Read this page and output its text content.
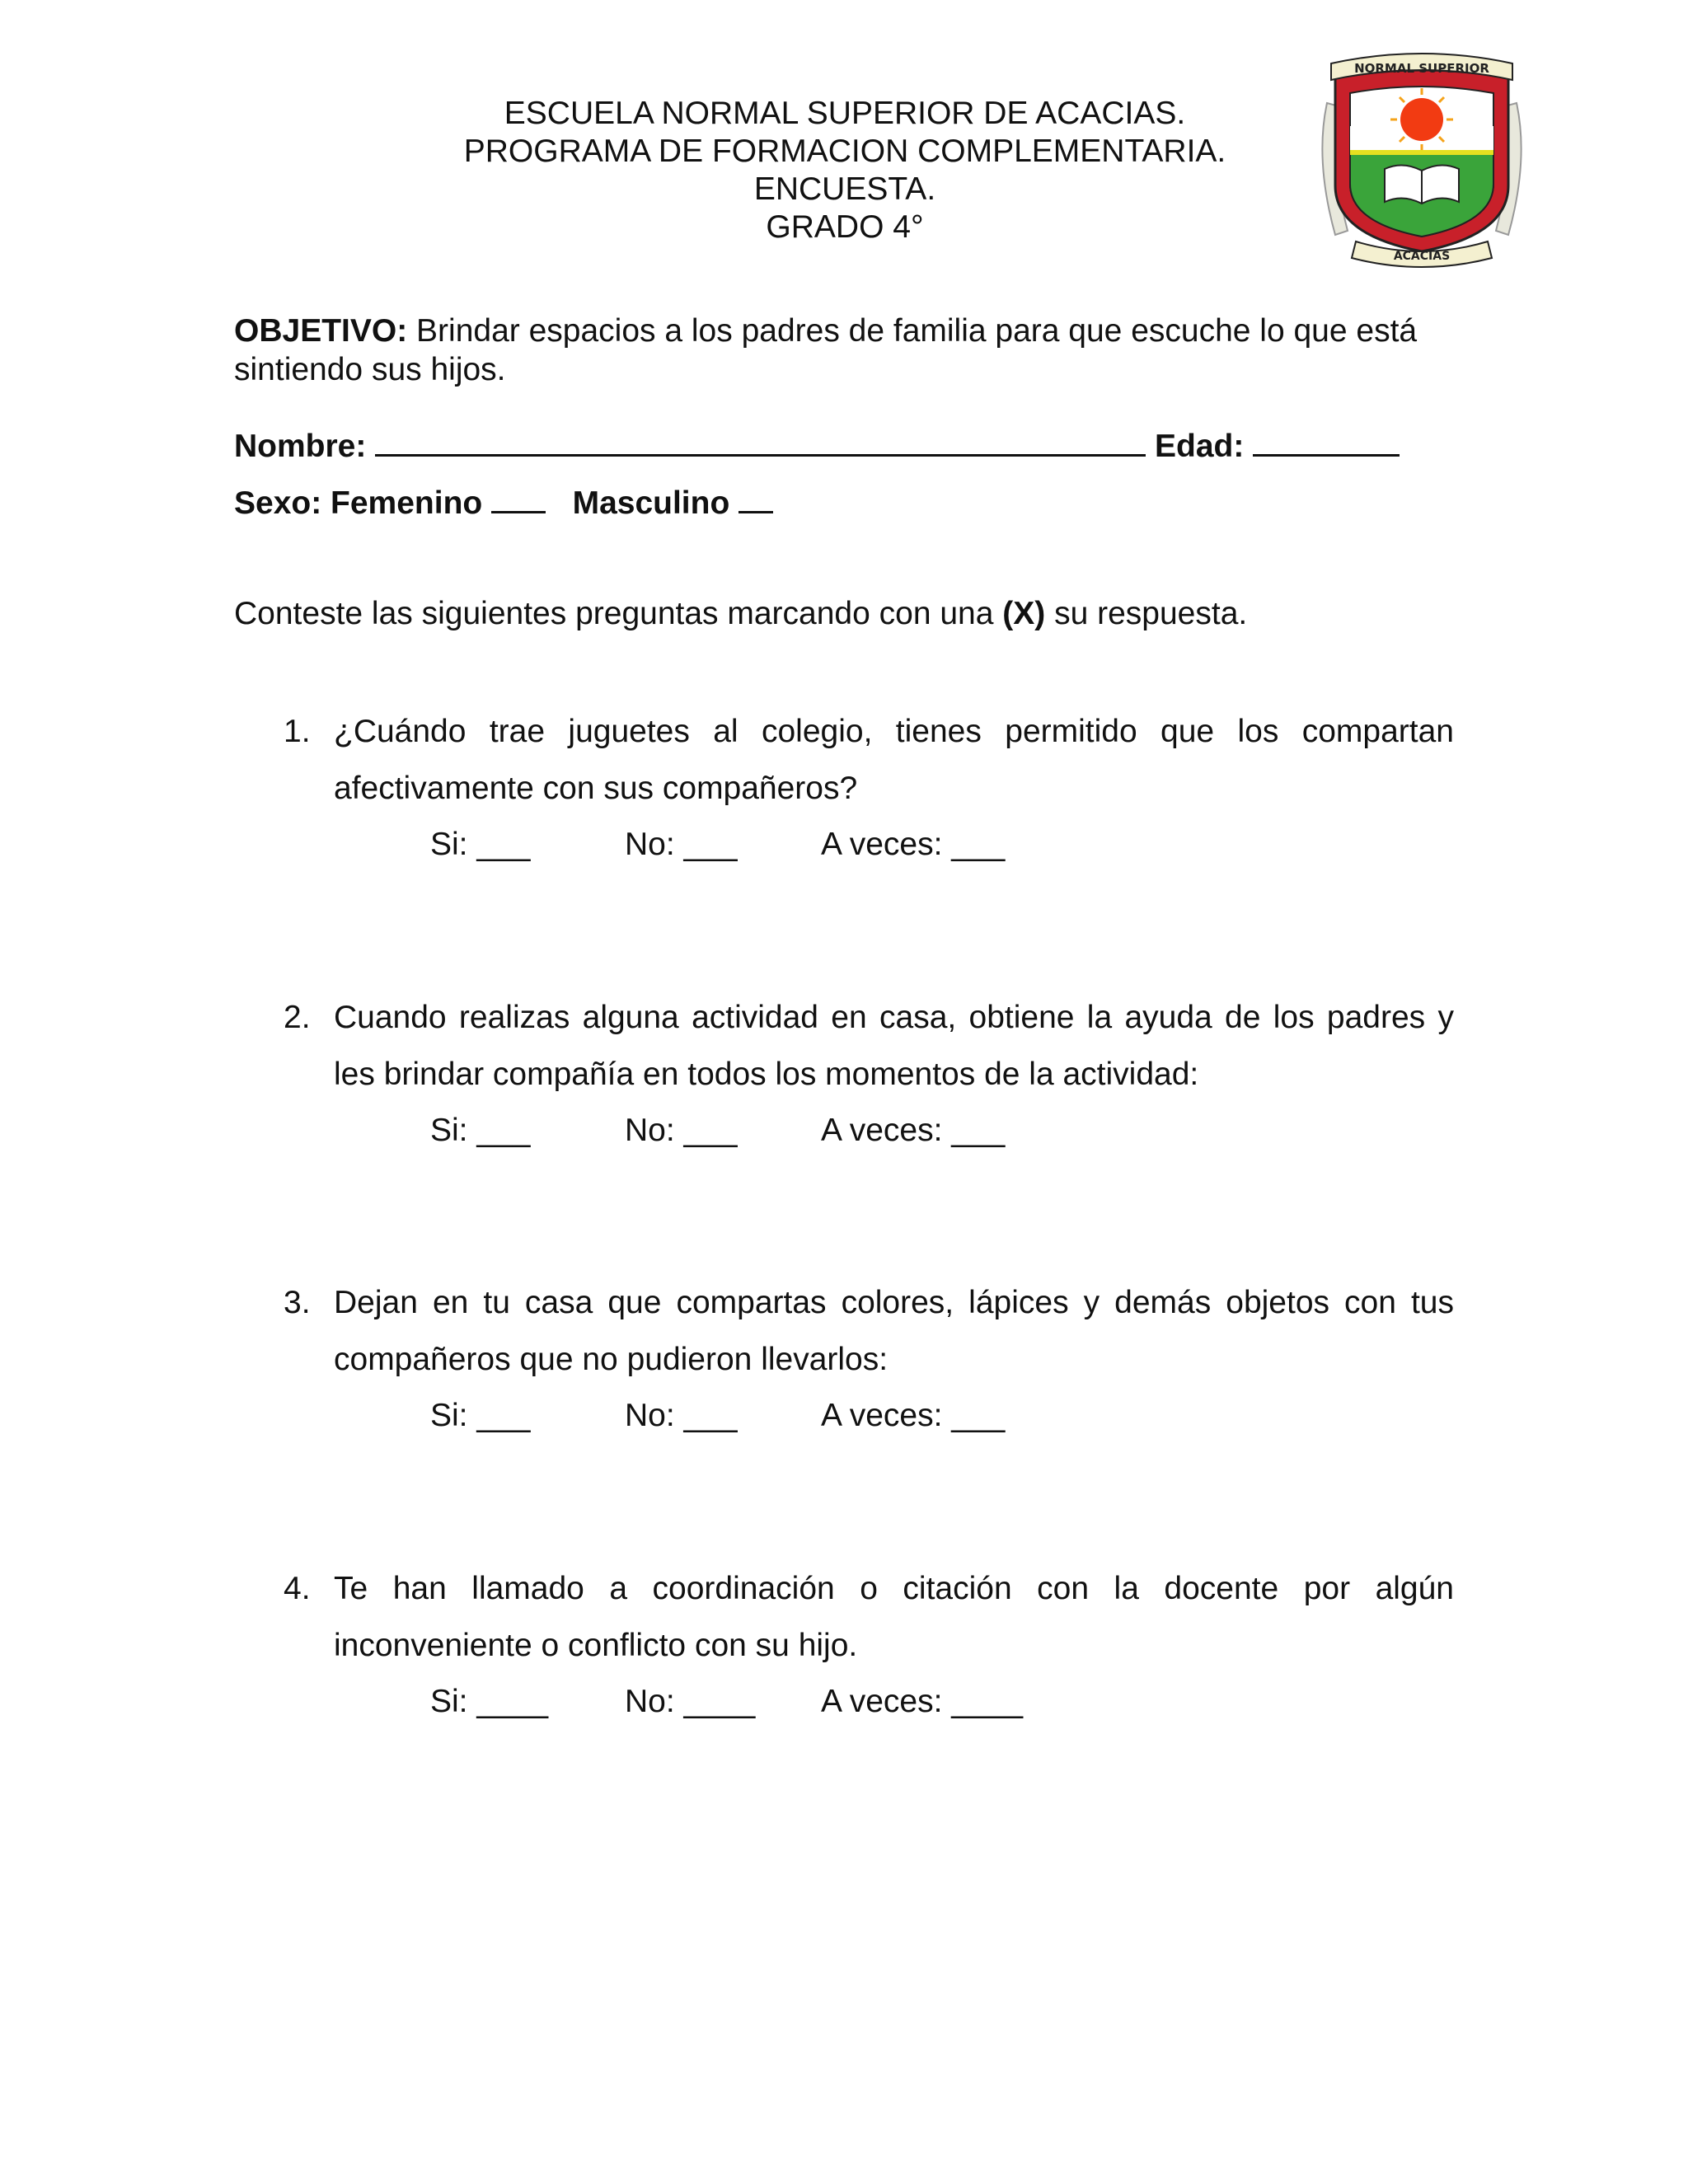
ESCUELA NORMAL SUPERIOR DE ACACIAS.
PROGRAMA DE FORMACION COMPLEMENTARIA.
ENCUESTA.
GRADO 4°
NORMAL SUPERIOR
ACACIAS
OBJETIVO: Brindar espacios a los padres de familia para que escuche lo que está sintiendo sus hijos.
Nombre:	Edad:
Sexo: Femenino	Masculino
Conteste las siguientes preguntas marcando con una (X) su respuesta.
1. ¿Cuándo trae juguetes al colegio, tienes permitido que los compartan
afectivamente con sus compañeros?
Si: ___	No: ___	A veces: ___
2. Cuando realizas alguna actividad en casa, obtiene la ayuda de los padres y
les brindar compañía en todos los momentos de la actividad:
Si: ___	No: ___	A veces: ___
3. Dejan en tu casa que compartas colores, lápices y demás objetos con tus
compañeros que no pudieron llevarlos:
Si: ___	No: ___	A veces: ___
4. Te han llamado a coordinación o citación con la docente por algún
inconveniente o conflicto con su hijo.
Si: ____ No: ____ A veces: ____
